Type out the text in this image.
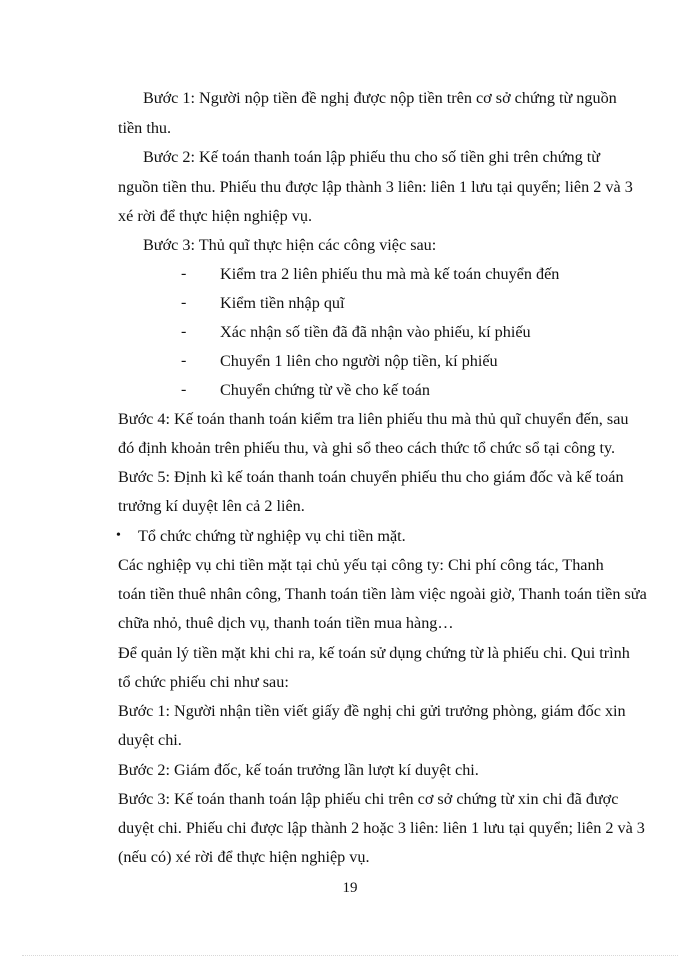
Bước 1: Người nộp tiền đề nghị được nộp tiền trên cơ sở chứng từ nguồn

tiền thu.

Bước 2: Kế toán thanh toán lập phiếu thu cho số tiền ghi trên chứng từ

nguồn tiền thu. Phiếu thu được lập thành 3 liên: liên 1 lưu tại quyển; liên 2 và 3

xé rời để thực hiện nghiệp vụ.

Bước 3: Thủ quĩ thực hiện các công việc sau:

- Kiểm tra 2 liên phiếu thu mà mà kế toán chuyển đến

- Kiểm tiền nhập quĩ

- Xác nhận số tiền đã đã nhận vào phiếu, kí phiếu

- Chuyển 1 liên cho người nộp tiền, kí phiếu

- Chuyển chứng từ về cho kế toán

Bước 4: Kế toán thanh toán kiểm tra liên phiếu thu mà thủ quĩ chuyển đến, sau

đó định khoản trên phiếu thu, và ghi sổ theo cách thức tổ chức sổ tại công ty.

Bước 5: Định kì kế toán thanh toán chuyển phiếu thu cho giám đốc và kế toán

trưởng kí duyệt lên cả 2 liên.

• Tổ chức chứng từ nghiệp vụ chi tiền mặt.

Các nghiệp vụ chi tiền mặt tại chủ yếu tại công ty: Chi phí công tác, Thanh

toán tiền thuê nhân công, Thanh toán tiền làm việc ngoài giờ, Thanh toán tiền sửa

chữa nhỏ, thuê dịch vụ, thanh toán tiền mua hàng…

Để quản lý tiền mặt khi chi ra, kế toán sử dụng chứng từ là phiếu chi. Qui trình

tổ chức phiếu chi như sau:

Bước 1: Người nhận tiền viết giấy đề nghị chi gửi trưởng phòng, giám đốc xin

duyệt chi.

Bước 2: Giám đốc, kế toán trưởng lần lượt kí duyệt chi.

Bước 3: Kế toán thanh toán lập phiếu chi trên cơ sở chứng từ xin chi đã được

duyệt chi. Phiếu chi được lập thành 2 hoặc 3 liên: liên 1 lưu tại quyển; liên 2 và 3

(nếu có) xé rời để thực hiện nghiệp vụ.

19
